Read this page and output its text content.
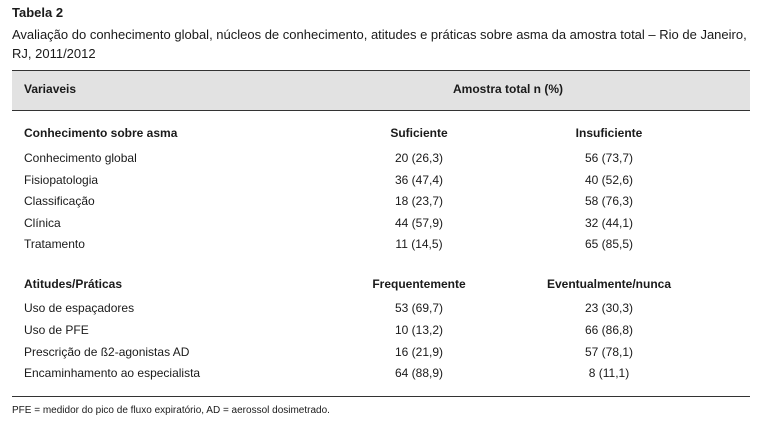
Tabela 2
Avaliação do conhecimento global, núcleos de conhecimento, atitudes e práticas sobre asma da amostra total – Rio de Janeiro, RJ, 2011/2012
Variaveis	Amostra total n (%)
Conhecimento sobre asma	Suficiente	Insuficiente
Conhecimento global	20 (26,3)	56 (73,7)
Fisiopatologia	36 (47,4)	40 (52,6)
Classificação	18 (23,7)	58 (76,3)
Clínica	44 (57,9)	32 (44,1)
Tratamento	11 (14,5)	65 (85,5)
Atitudes/Práticas	Frequentemente	Eventualmente/nunca
Uso de espaçadores	53 (69,7)	23 (30,3)
Uso de PFE	10 (13,2)	66 (86,8)
Prescrição de ß2-agonistas AD	16 (21,9)	57 (78,1)
Encaminhamento ao especialista	64 (88,9)	8 (11,1)
PFE = medidor do pico de fluxo expiratório, AD = aerossol dosimetrado.
